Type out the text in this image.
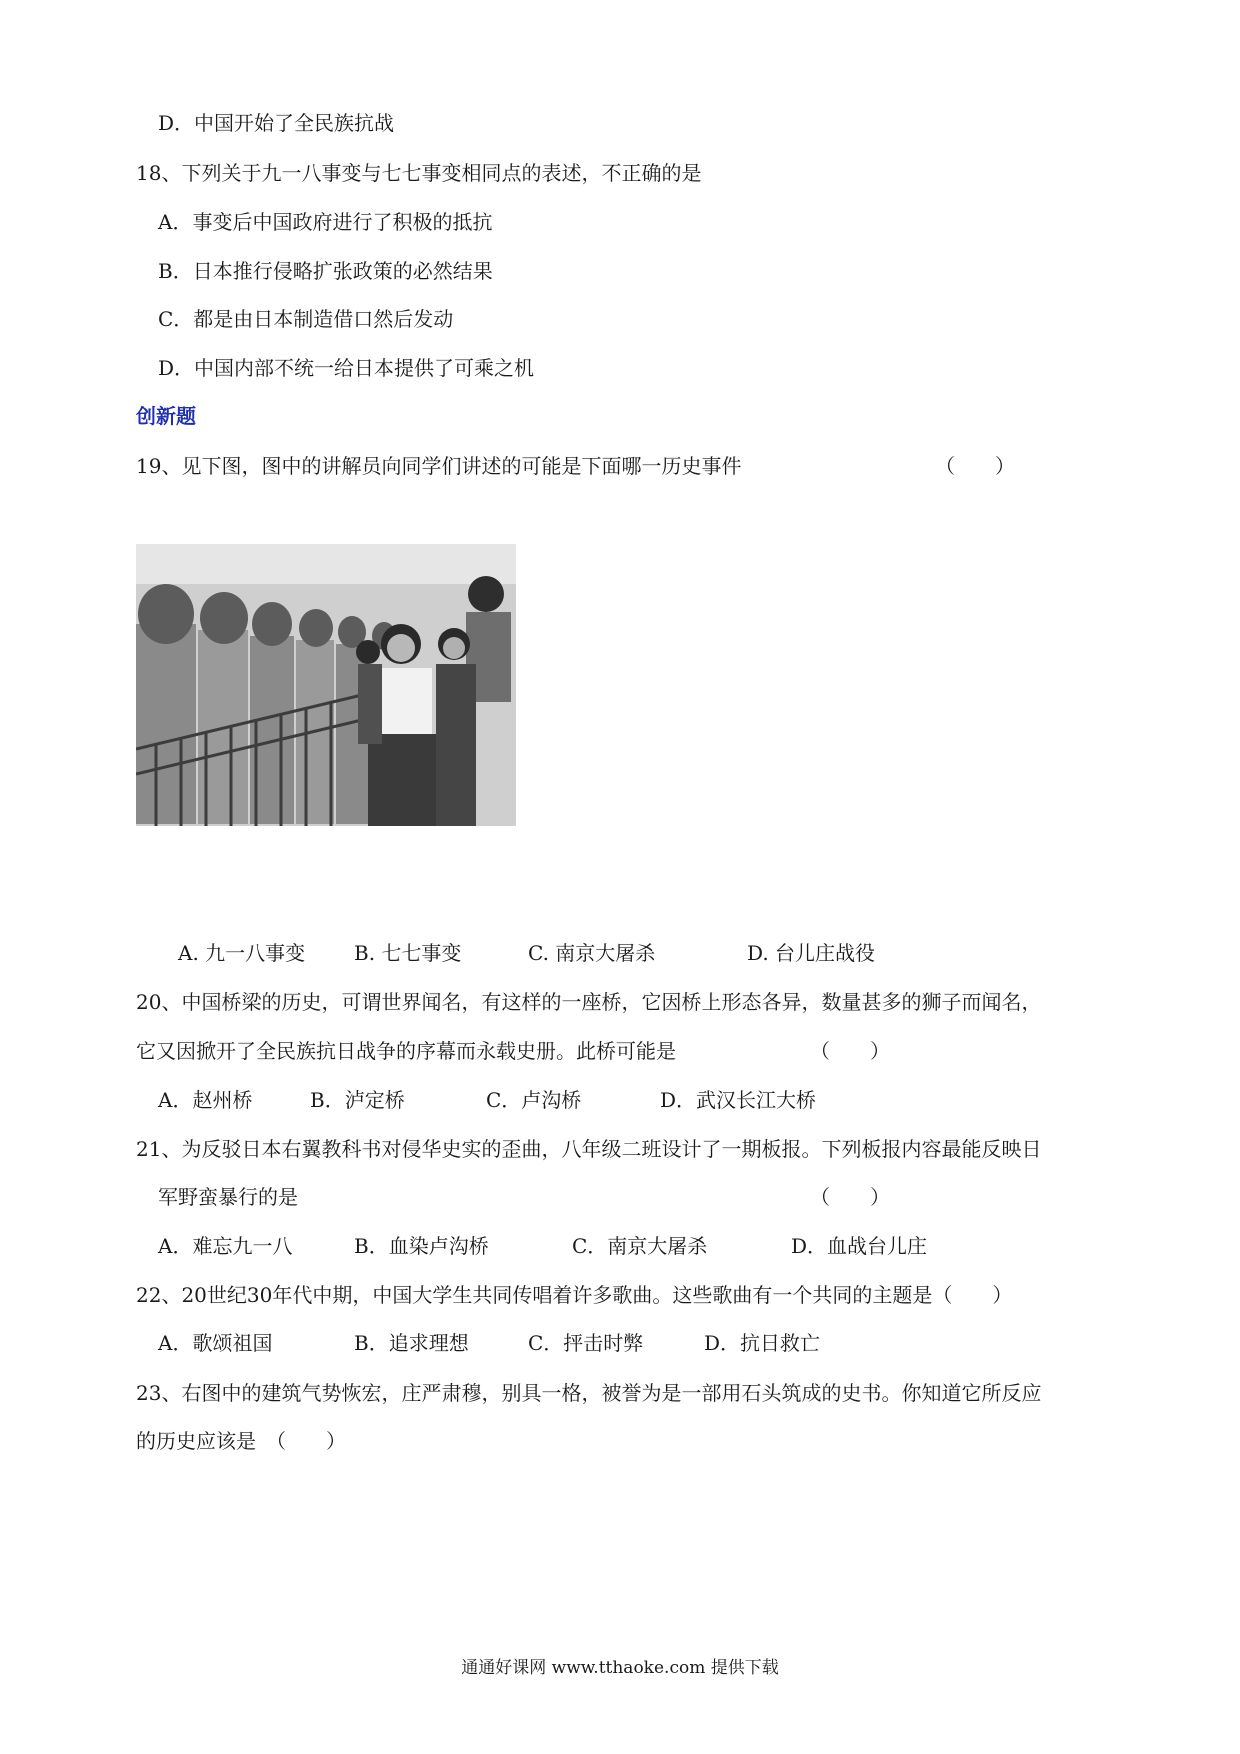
D．中国开始了全民族抗战
18、下列关于九一八事变与七七事变相同点的表述，不正确的是
A．事变后中国政府进行了积极的抵抗
B．日本推行侵略扩张政策的必然结果
C．都是由日本制造借口然后发动
D．中国内部不统一给日本提供了可乘之机
创新题
19、见下图，图中的讲解员向同学们讲述的可能是下面哪一历史事件	（　　）
A. 九一八事变 B. 七七事变	C. 南京大屠杀	D. 台儿庄战役
20、中国桥梁的历史，可谓世界闻名，有这样的一座桥，它因桥上形态各异，数量甚多的狮子而闻名，
它又因掀开了全民族抗日战争的序幕而永载史册。此桥可能是	（　　）
A．赵州桥	B．泸定桥	C．卢沟桥	D．武汉长江大桥
21、为反驳日本右翼教科书对侵华史实的歪曲，八年级二班设计了一期板报。下列板报内容最能反映日
军野蛮暴行的是	（　　）
A．难忘九一八	B．血染卢沟桥	C．南京大屠杀	D．血战台儿庄
22、20世纪30年代中期，中国大学生共同传唱着许多歌曲。这些歌曲有一个共同的主题是（　　）
A．歌颂祖国	B．追求理想	C．抨击时弊	D．抗日救亡
23、右图中的建筑气势恢宏，庄严肃穆，别具一格，被誉为是一部用石头筑成的史书。你知道它所反应
的历史应该是　（　　）
通通好课网 www.tthaoke.com 提供下载
